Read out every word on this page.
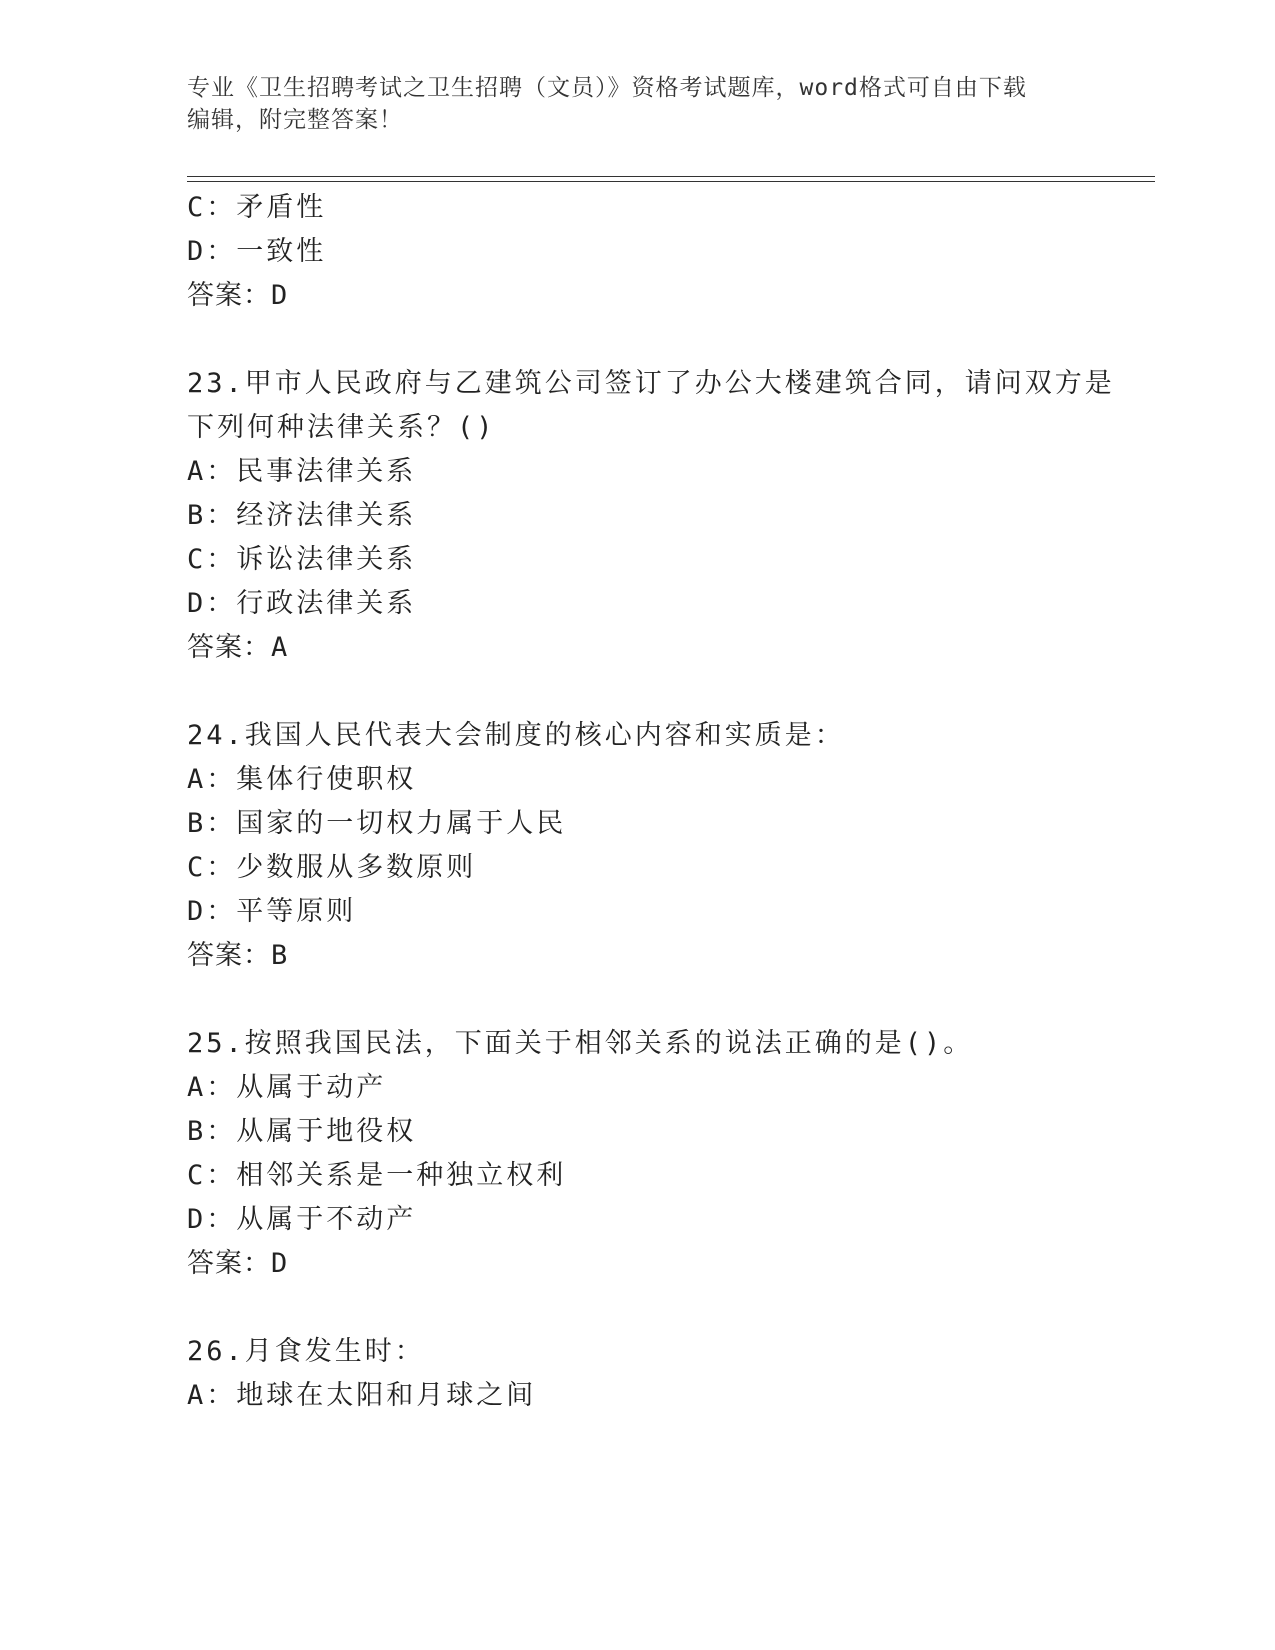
专业《卫生招聘考试之卫生招聘（文员）》资格考试题库，word格式可自由下载
编辑，附完整答案！
C：矛盾性
D：一致性
答案：D
23.甲市人民政府与乙建筑公司签订了办公大楼建筑合同，请问双方是
下列何种法律关系？()
A：民事法律关系
B：经济法律关系
C：诉讼法律关系
D：行政法律关系
答案：A
24.我国人民代表大会制度的核心内容和实质是：
A：集体行使职权
B：国家的一切权力属于人民
C：少数服从多数原则
D：平等原则
答案：B
25.按照我国民法，下面关于相邻关系的说法正确的是()。
A：从属于动产
B：从属于地役权
C：相邻关系是一种独立权利
D：从属于不动产
答案：D
26.月食发生时：
A：地球在太阳和月球之间
